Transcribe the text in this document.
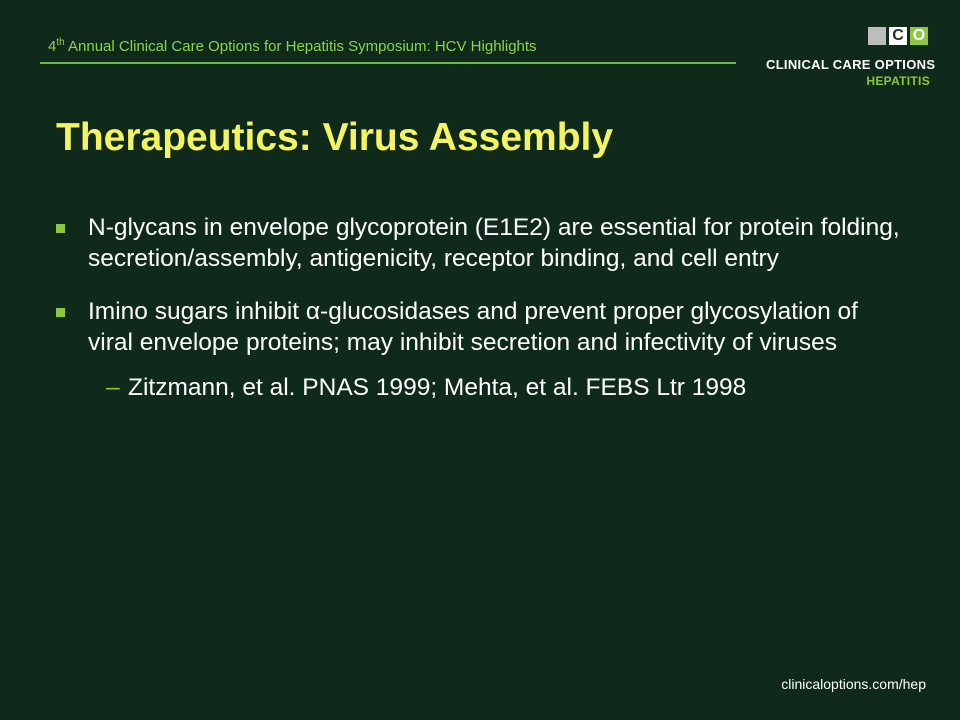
4th Annual Clinical Care Options for Hepatitis Symposium: HCV Highlights
C C O
CLINICAL CARE OPTIONS
HEPATITIS
Therapeutics: Virus Assembly
N-glycans in envelope glycoprotein (E1E2) are essential for protein folding, secretion/assembly, antigenicity, receptor binding, and cell entry
Imino sugars inhibit α-glucosidases and prevent proper glycosylation of viral envelope proteins; may inhibit secretion and infectivity of viruses
– Zitzmann, et al. PNAS 1999; Mehta, et al. FEBS Ltr 1998
clinicaloptions.com/hep
